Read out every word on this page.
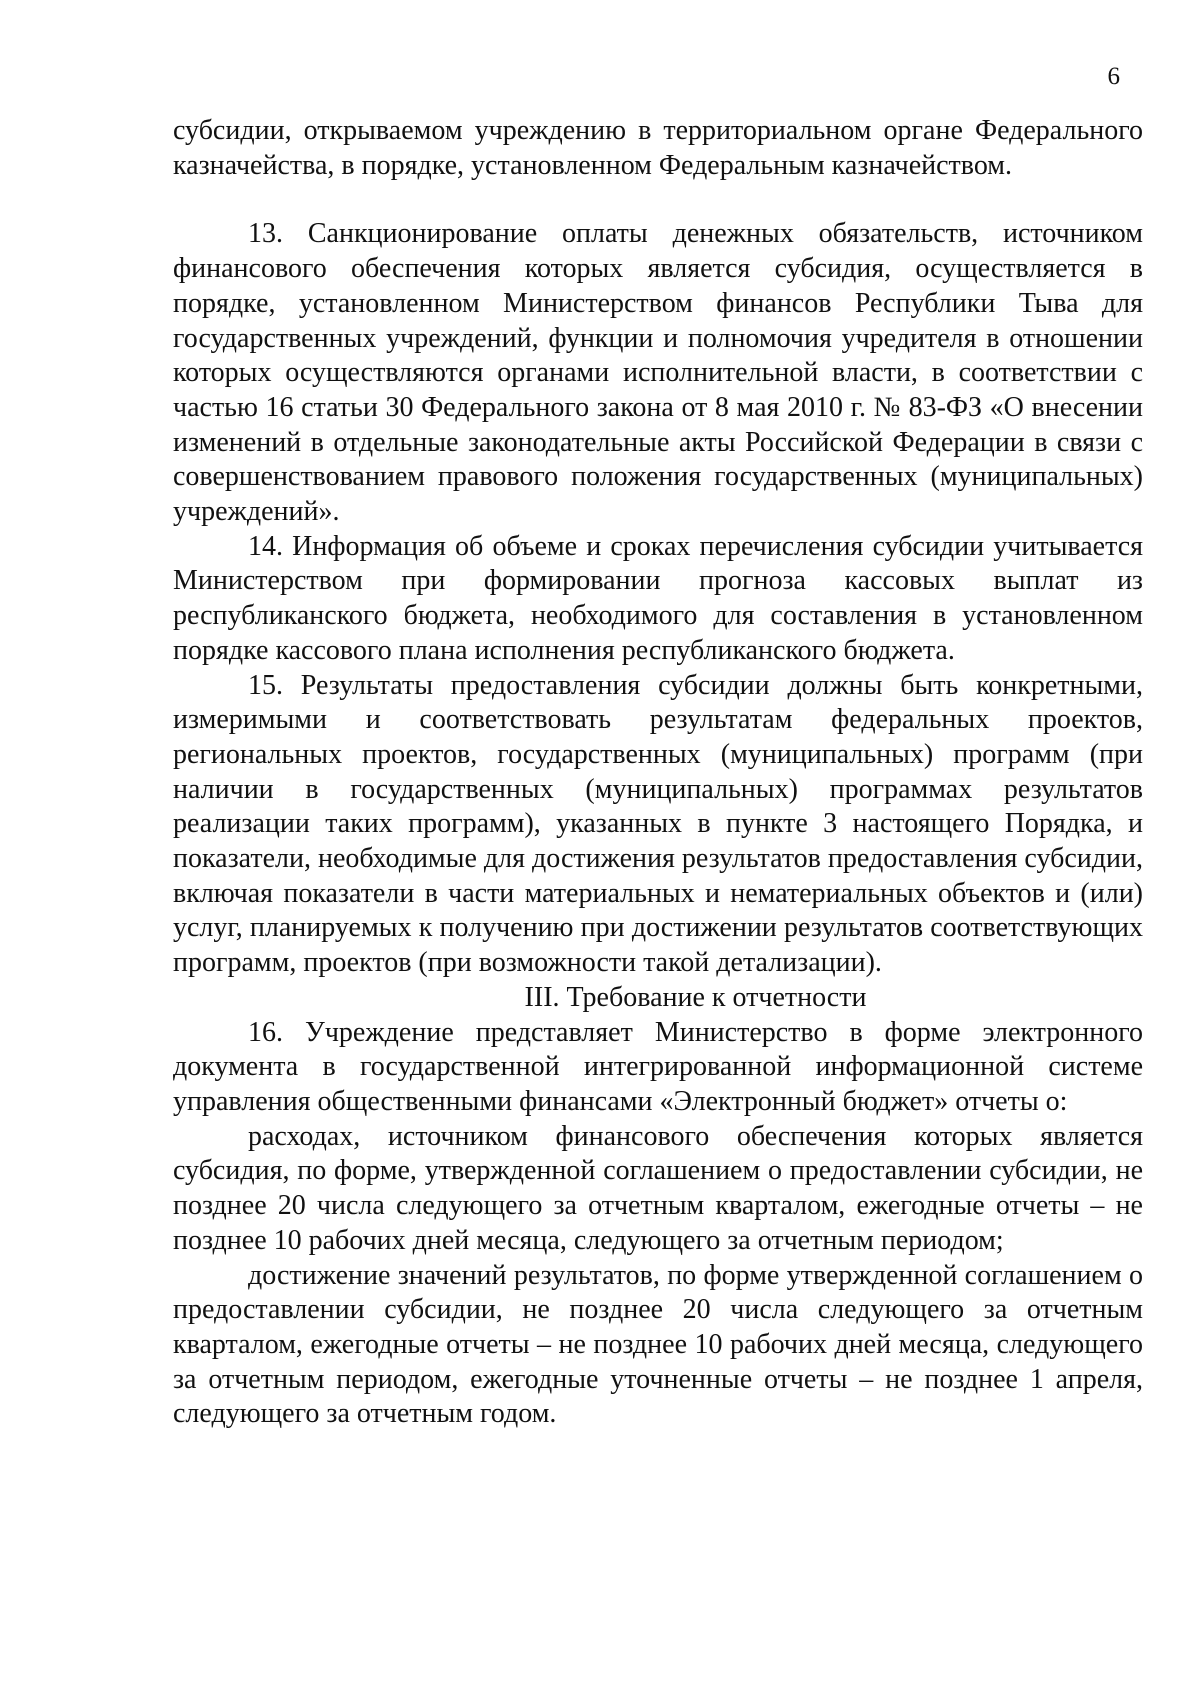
6

субсидии, открываемом учреждению в территориальном органе Федерального казначейства, в порядке, установленном Федеральным казначейством.

13. Санкционирование оплаты денежных обязательств, источником финансового обеспечения которых является субсидия, осуществляется в порядке, установленном Министерством финансов Республики Тыва для государственных учреждений, функции и полномочия учредителя в отношении которых осуществляются органами исполнительной власти, в соответствии с частью 16 статьи 30 Федерального закона от 8 мая 2010 г. № 83-ФЗ «О внесении изменений в отдельные законодательные акты Российской Федерации в связи с совершенствованием правового положения государственных (муниципальных) учреждений».

14. Информация об объеме и сроках перечисления субсидии учитывается Министерством при формировании прогноза кассовых выплат из республиканского бюджета, необходимого для составления в установленном порядке кассового плана исполнения республиканского бюджета.

15. Результаты предоставления субсидии должны быть конкретными, измеримыми и соответствовать результатам федеральных проектов, региональных проектов, государственных (муниципальных) программ (при наличии в государственных (муниципальных) программах результатов реализации таких программ), указанных в пункте 3 настоящего Порядка, и показатели, необходимые для достижения результатов предоставления субсидии, включая показатели в части материальных и нематериальных объектов и (или) услуг, планируемых к получению при достижении результатов соответствующих программ, проектов (при возможности такой детализации).

III. Требование к отчетности

16. Учреждение представляет Министерство в форме электронного документа в государственной интегрированной информационной системе управления общественными финансами «Электронный бюджет» отчеты о:

расходах, источником финансового обеспечения которых является субсидия, по форме, утвержденной соглашением о предоставлении субсидии, не позднее 20 числа следующего за отчетным кварталом, ежегодные отчеты – не позднее 10 рабочих дней месяца, следующего за отчетным периодом;

достижение значений результатов, по форме утвержденной соглашением о предоставлении субсидии, не позднее 20 числа следующего за отчетным кварталом, ежегодные отчеты – не позднее 10 рабочих дней месяца, следующего за отчетным периодом, ежегодные уточненные отчеты – не позднее 1 апреля, следующего за отчетным годом.
